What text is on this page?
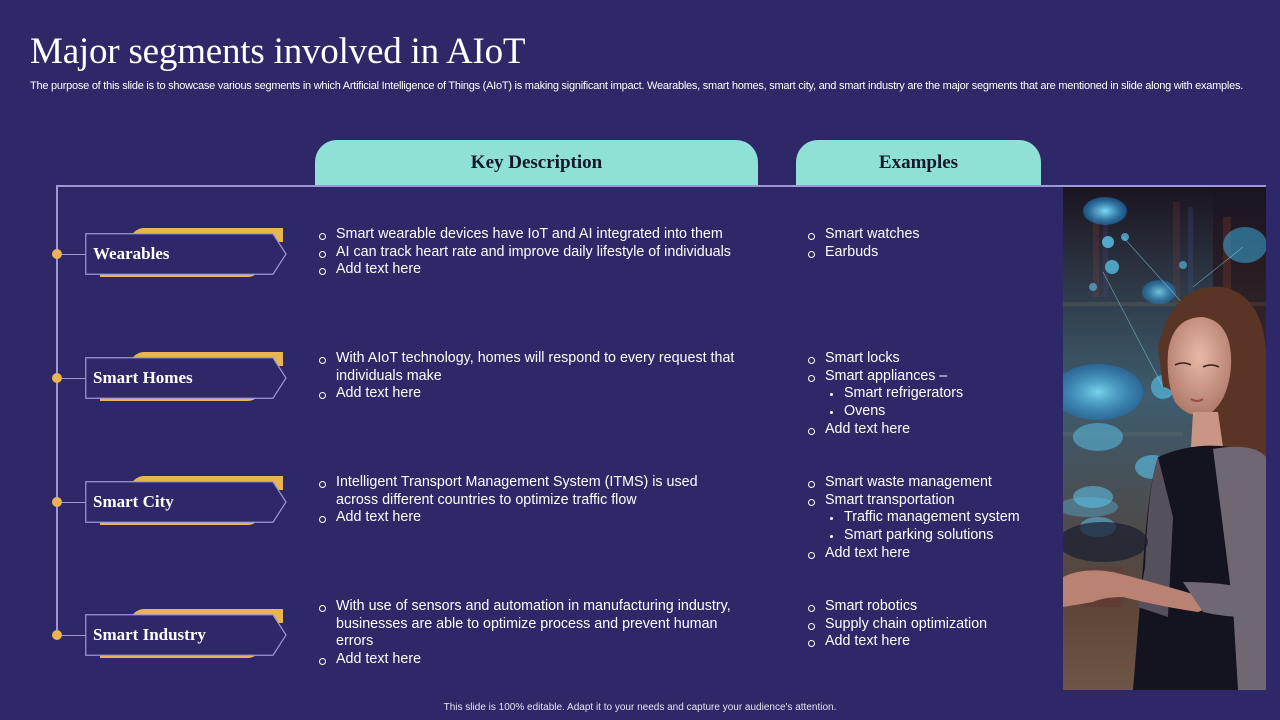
Major segments involved in AIoT
The purpose of this slide is to showcase various segments in which Artificial Intelligence of Things (AIoT) is making significant impact. Wearables, smart homes, smart city, and smart industry are the major segments that are mentioned in slide along with examples.
Key Description	Examples
Wearables
Smart Homes
Smart City
Smart Industry
Smart wearable devices have IoT and AI integrated into them
AI can track heart rate and improve daily lifestyle of individuals
Add text here
With AIoT technology, homes will respond to every request that individuals make
Add text here
Intelligent Transport Management System (ITMS) is used across different countries to optimize traffic flow
Add text here
With use of sensors and automation in manufacturing industry, businesses are able to optimize process and prevent human errors
Add text here
Smart watches
Earbuds
Smart locks
Smart appliances –
Smart refrigerators
Ovens
Add text here
Smart waste management
Smart transportation
Traffic management system
Smart parking solutions
Add text here
Smart robotics
Supply chain optimization
Add text here
This slide is 100% editable. Adapt it to your needs and capture your audience's attention.
